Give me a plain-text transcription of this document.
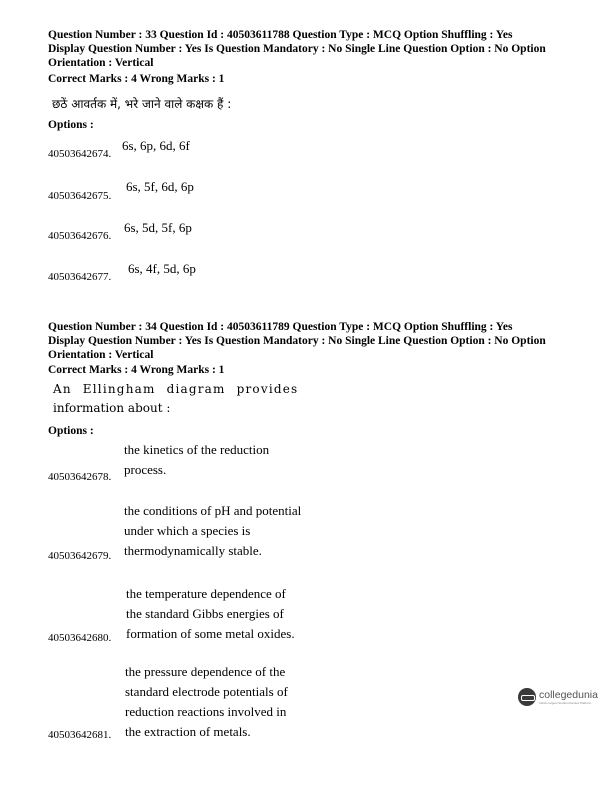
Question Number : 33 Question Id : 40503611788 Question Type : MCQ Option Shuffling : Yes
Display Question Number : Yes Is Question Mandatory : No Single Line Question Option : No Option
Orientation : Vertical
Correct Marks : 4 Wrong Marks : 1
छठें आवर्तक में, भरे जाने वाले कक्षक हैं :
Options :
40503642674.
6s, 6p, 6d, 6f
40503642675.
6s, 5f, 6d, 6p
40503642676.
6s, 5d, 5f, 6p
40503642677.
6s, 4f, 5d, 6p
Question Number : 34 Question Id : 40503611789 Question Type : MCQ Option Shuffling : Yes
Display Question Number : Yes Is Question Mandatory : No Single Line Question Option : No Option
Orientation : Vertical
Correct Marks : 4 Wrong Marks : 1
An Ellingham diagram provides
information about :
Options :
40503642678.
the kinetics of the reduction
process.
40503642679.
the conditions of pH and potential
under which a species is
thermodynamically stable.
40503642680.
the temperature dependence of
the standard Gibbs energies of
formation of some metal oxides.
40503642681.
the pressure dependence of the
standard electrode potentials of
reduction reactions involved in
the extraction of metals.
collegedunia
India's largest Student Review Platform
